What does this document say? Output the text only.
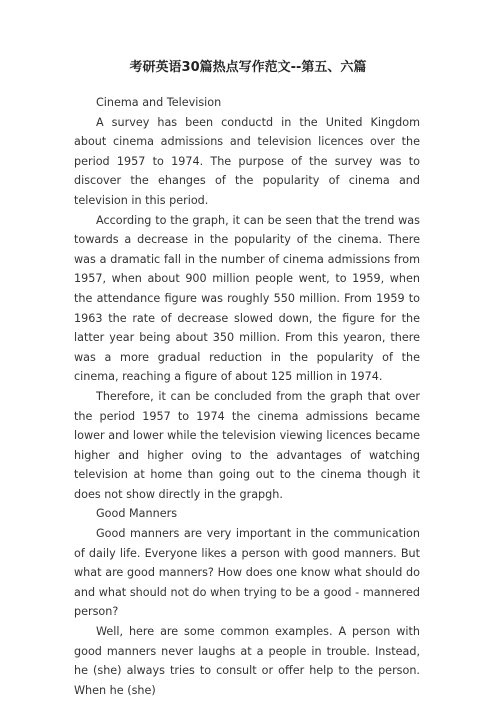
考研英语30篇热点写作范文--第五、六篇

Cinema and Television

A survey has been conductd in the United Kingdom about cinema admissions and television licences over the period 1957 to 1974. The purpose of the survey was to discover the ehanges of the popularity of cinema and television in this period.

According to the graph, it can be seen that the trend was towards a decrease in the popularity of the cinema. There was a dramatic fall in the number of cinema admissions from 1957, when about 900 million people went, to 1959, when the attendance figure was roughly 550 million. From 1959 to 1963 the rate of decrease slowed down, the figure for the latter year being about 350 million. From this yearon, there was a more gradual reduction in the popularity of the cinema, reaching a figure of about 125 million in 1974.

Therefore, it can be concluded from the graph that over the period 1957 to 1974 the cinema admissions became lower and lower while the television viewing licences became higher and higher oving to the advantages of watching television at home than going out to the cinema though it does not show directly in the grapgh.

Good Manners

Good manners are very important in the communication of daily life. Everyone likes a person with good manners. But what are good manners? How does one know what should do and what should not do when trying to be a good - mannered person?

Well, here are some common examples. A person with good manners never laughs at a people in trouble. Instead, he (she) always tries to consult or offer help to the person. When he (she)
